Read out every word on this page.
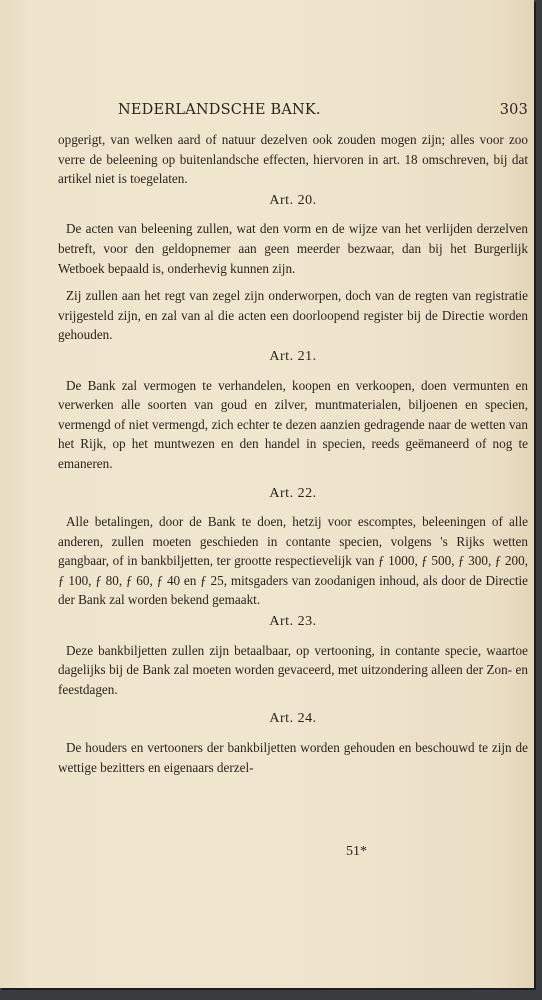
NEDERLANDSCHE BANK.	303

opgerigt, van welken aard of natuur dezelven ook zouden mogen zijn; alles voor zoo verre de beleening op buitenlandsche effecten, hiervoren in art. 18 omschreven, bij dat artikel niet is toegelaten.

Art. 20.

De acten van beleening zullen, wat den vorm en de wijze van het verlijden derzelven betreft, voor den geldopnemer aan geen meerder bezwaar, dan bij het Burgerlijk Wetboek bepaald is, onderhevig kunnen zijn.

Zij zullen aan het regt van zegel zijn onderworpen, doch van de regten van registratie vrijgesteld zijn, en zal van al die acten een doorloopend register bij de Directie worden gehouden.

Art. 21.

De Bank zal vermogen te verhandelen, koopen en verkoopen, doen vermunten en verwerken alle soorten van goud en zilver, muntmaterialen, biljoenen en specien, vermengd of niet vermengd, zich echter te dezen aanzien gedragende naar de wetten van het Rijk, op het muntwezen en den handel in specien, reeds geëmaneerd of nog te emaneren.

Art. 22.

Alle betalingen, door de Bank te doen, hetzij voor escomptes, beleeningen of alle anderen, zullen moeten geschieden in contante specien, volgens 's Rijks wetten gangbaar, of in bankbiljetten, ter grootte respectievelijk van ƒ 1000, ƒ 500, ƒ 300, ƒ 200, ƒ 100, ƒ 80, ƒ 60, ƒ 40 en ƒ 25, mitsgaders van zoodanigen inhoud, als door de Directie der Bank zal worden bekend gemaakt.

Art. 23.

Deze bankbiljetten zullen zijn betaalbaar, op vertooning, in contante specie, waartoe dagelijks bij de Bank zal moeten worden gevaceerd, met uitzondering alleen der Zon- en feestdagen.

Art. 24.

De houders en vertooners der bankbiljetten worden gehouden en beschouwd te zijn de wettige bezitters en eigenaars derzel-

51*
